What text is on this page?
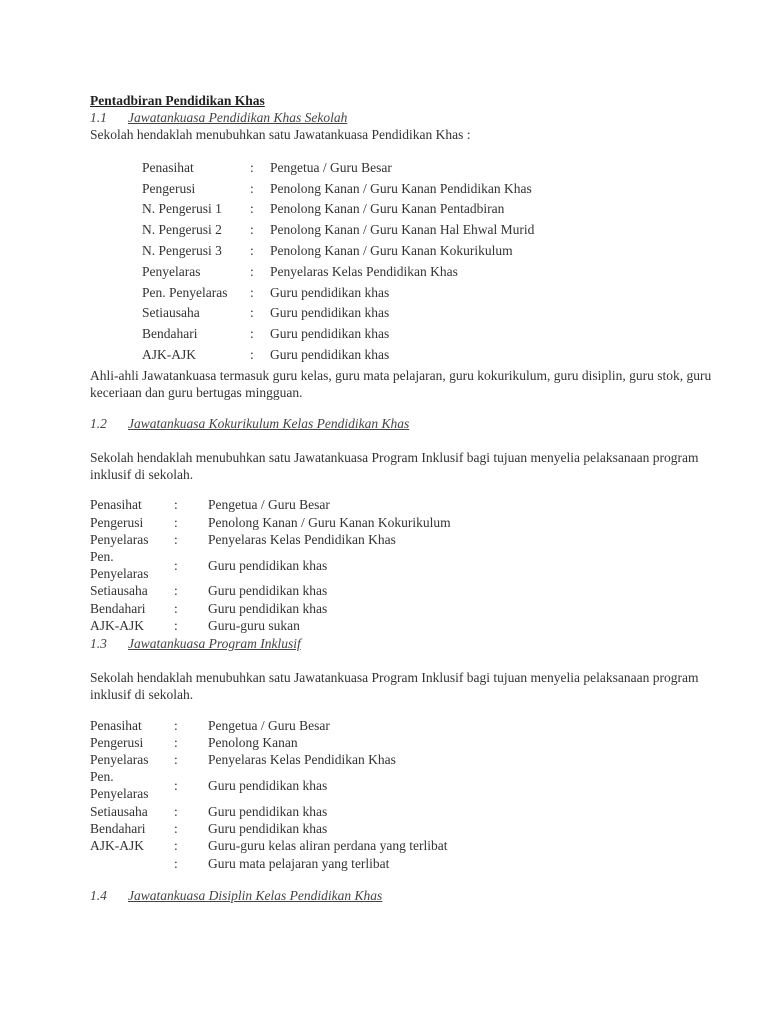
Pentadbiran Pendidikan Khas
1.1	Jawatankuasa Pendidikan Khas Sekolah

Sekolah hendaklah menubuhkan satu Jawatankuasa Pendidikan Khas :

Penasihat	:	Pengetua / Guru Besar
Pengerusi	:	Penolong Kanan / Guru Kanan Pendidikan Khas
N. Pengerusi 1	:	Penolong Kanan / Guru Kanan Pentadbiran
N. Pengerusi 2	:	Penolong Kanan / Guru Kanan Hal Ehwal Murid
N. Pengerusi 3	:	Penolong Kanan / Guru Kanan Kokurikulum
Penyelaras	:	Penyelaras Kelas Pendidikan Khas
Pen. Penyelaras	:	Guru pendidikan khas
Setiausaha	:	Guru pendidikan khas
Bendahari	:	Guru pendidikan khas
AJK-AJK	:	Guru pendidikan khas

Ahli-ahli Jawatankuasa termasuk guru kelas, guru mata pelajaran, guru kokurikulum, guru disiplin, guru stok, guru keceriaan dan guru bertugas mingguan.

1.2	Jawatankuasa Kokurikulum Kelas Pendidikan Khas

Sekolah hendaklah menubuhkan satu Jawatankuasa Program Inklusif bagi tujuan menyelia pelaksanaan program inklusif di sekolah.

Penasihat	:	Pengetua / Guru Besar
Pengerusi	:	Penolong Kanan / Guru Kanan Kokurikulum
Penyelaras	:	Penyelaras Kelas Pendidikan Khas
Pen. Penyelaras	:	Guru pendidikan khas
Setiausaha	:	Guru pendidikan khas
Bendahari	:	Guru pendidikan khas
AJK-AJK	:	Guru-guru sukan
1.3	Jawatankuasa Program Inklusif

Sekolah hendaklah menubuhkan satu Jawatankuasa Program Inklusif bagi tujuan menyelia pelaksanaan program inklusif di sekolah.

Penasihat	:	Pengetua / Guru Besar
Pengerusi	:	Penolong Kanan
Penyelaras	:	Penyelaras Kelas Pendidikan Khas
Pen. Penyelaras	:	Guru pendidikan khas
Setiausaha	:	Guru pendidikan khas
Bendahari	:	Guru pendidikan khas
AJK-AJK	:	Guru-guru kelas aliran perdana yang terlibat
	:	Guru mata pelajaran yang terlibat
1.4	Jawatankuasa Disiplin Kelas Pendidikan Khas
